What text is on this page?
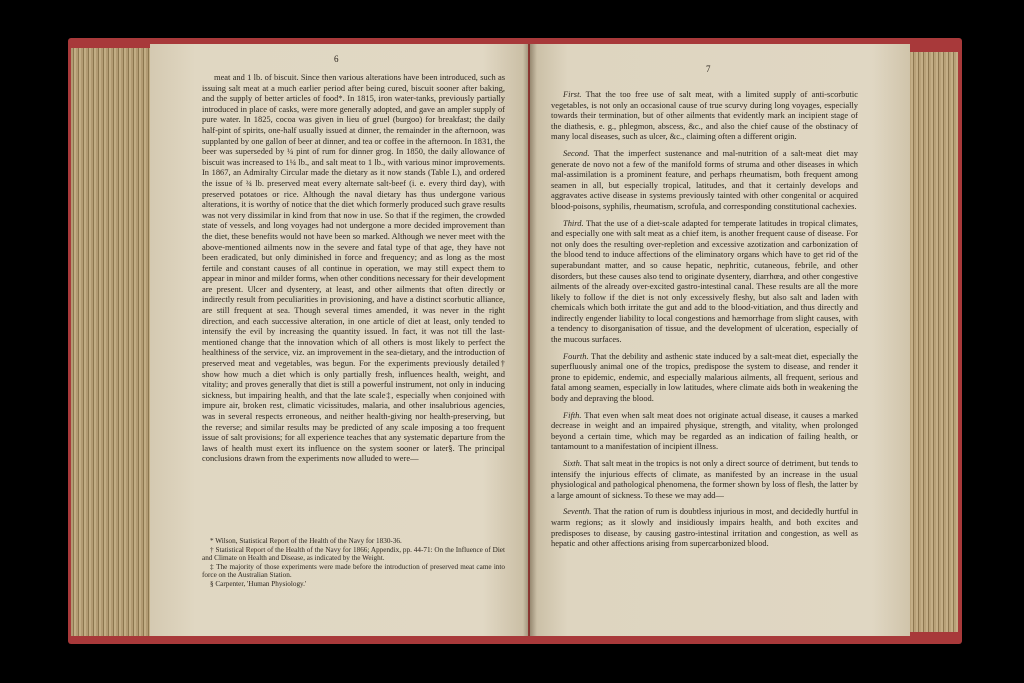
6

meat and 1 lb. of biscuit. Since then various alterations have been introduced, such as issuing salt meat at a much earlier period after being cured, biscuit sooner after baking, and the supply of better articles of food*. In 1815, iron water-tanks, previously partially introduced in place of casks, were more generally adopted, and gave an ampler supply of pure water. In 1825, cocoa was given in lieu of gruel (burgoo) for breakfast; the daily half-pint of spirits, one-half usually issued at dinner, the remainder in the afternoon, was supplanted by one gallon of beer at dinner, and tea or coffee in the afternoon. In 1831, the beer was superseded by ¼ pint of rum for dinner grog. In 1850, the daily allowance of biscuit was increased to 1¼ lb., and salt meat to 1 lb., with various minor improvements. In 1867, an Admiralty Circular made the dietary as it now stands (Table I.), and ordered the issue of ¾ lb. preserved meat every alternate salt-beef (i. e. every third day), with preserved potatoes or rice. Although the naval dietary has thus undergone various alterations, it is worthy of notice that the diet which formerly produced such grave results was not very dissimilar in kind from that now in use. So that if the regimen, the crowded state of vessels, and long voyages had not undergone a more decided improvement than the diet, these benefits would not have been so marked. Although we never meet with the above-mentioned ailments now in the severe and fatal type of that age, they have not been eradicated, but only diminished in force and frequency; and as long as the most fertile and constant causes of all continue in operation, we may still expect them to appear in minor and milder forms, when other conditions necessary for their development are present. Ulcer and dysentery, at least, and other ailments that often directly or indirectly result from peculiarities in provisioning, and have a distinct scorbutic alliance, are still frequent at sea. Though several times amended, it was never in the right direction, and each successive alteration, in one article of diet at least, only tended to intensify the evil by increasing the quantity issued. In fact, it was not till the last-mentioned change that the innovation which of all others is most likely to perfect the healthiness of the service, viz. an improvement in the sea-dietary, and the introduction of preserved meat and vegetables, was begun. For the experiments previously detailed† show how much a diet which is only partially fresh, influences health, weight, and vitality; and proves generally that diet is still a powerful instrument, not only in inducing sickness, but impairing health, and that the late scale‡, especially when conjoined with impure air, broken rest, climatic vicissitudes, malaria, and other insalubrious agencies, was in several respects erroneous, and neither health-giving nor health-preserving, but the reverse; and similar results may be predicted of any scale imposing a too frequent issue of salt provisions; for all experience teaches that any systematic departure from the laws of health must exert its influence on the system sooner or later§. The principal conclusions drawn from the experiments now alluded to were—

* Wilson, Statistical Report of the Health of the Navy for 1830-36.
† Statistical Report of the Health of the Navy for 1866; Appendix, pp. 44-71: On the Influence of Diet and Climate on Health and Disease, as indicated by the Weight.
‡ The majority of those experiments were made before the introduction of preserved meat came into force on the Australian Station.
§ Carpenter, 'Human Physiology.'
7

First. That the too free use of salt meat, with a limited supply of anti-scorbutic vegetables, is not only an occasional cause of true scurvy during long voyages, especially towards their termination, but of other ailments that evidently mark an incipient stage of the diathesis, e. g., phlegmon, abscess, &c., and also the chief cause of the obstinacy of many local diseases, such as ulcer, &c., claiming often a different origin.

Second. That the imperfect sustenance and mal-nutrition of a salt-meat diet may generate de novo not a few of the manifold forms of struma and other diseases in which mal-assimilation is a prominent feature, and perhaps rheumatism, both frequent among seamen in all, but especially tropical, latitudes, and that it certainly develops and aggravates active disease in systems previously tainted with other congenital or acquired blood-poisons, syphilis, rheumatism, scrofula, and corresponding constitutional cachexies.

Third. That the use of a diet-scale adapted for temperate latitudes in tropical climates, and especially one with salt meat as a chief item, is another frequent cause of disease. For not only does the resulting over-repletion and excessive azotization and carbonization of the blood tend to induce affections of the eliminatory organs which have to get rid of the superabundant matter, and so cause hepatic, nephritic, cutaneous, febrile, and other disorders, but these causes also tend to originate dysentery, diarrhœa, and other congestive ailments of the already over-excited gastro-intestinal canal. These results are all the more likely to follow if the diet is not only excessively fleshy, but also salt and laden with chemicals which both irritate the gut and add to the blood-vitiation, and thus directly and indirectly engender liability to local congestions and hæmorrhage from slight causes, with a tendency to disorganisation of tissue, and the development of ulceration, especially of the mucous surfaces.

Fourth. That the debility and asthenic state induced by a salt-meat diet, especially the superfluously animal one of the tropics, predispose the system to disease, and render it prone to epidemic, endemic, and especially malarious ailments, all frequent, serious and fatal among seamen, especially in low latitudes, where climate aids both in weakening the body and depraving the blood.

Fifth. That even when salt meat does not originate actual disease, it causes a marked decrease in weight and an impaired physique, strength, and vitality, when prolonged beyond a certain time, which may be regarded as an indication of failing health, or tantamount to a manifestation of incipient illness.

Sixth. That salt meat in the tropics is not only a direct source of detriment, but tends to intensify the injurious effects of climate, as manifested by an increase in the usual physiological and pathological phenomena, the former shown by loss of flesh, the latter by a large amount of sickness. To these we may add—

Seventh. That the ration of rum is doubtless injurious in most, and decidedly hurtful in warm regions; as it slowly and insidiously impairs health, and both excites and predisposes to disease, by causing gastro-intestinal irritation and congestion, as well as hepatic and other affections arising from supercarbonized blood.
